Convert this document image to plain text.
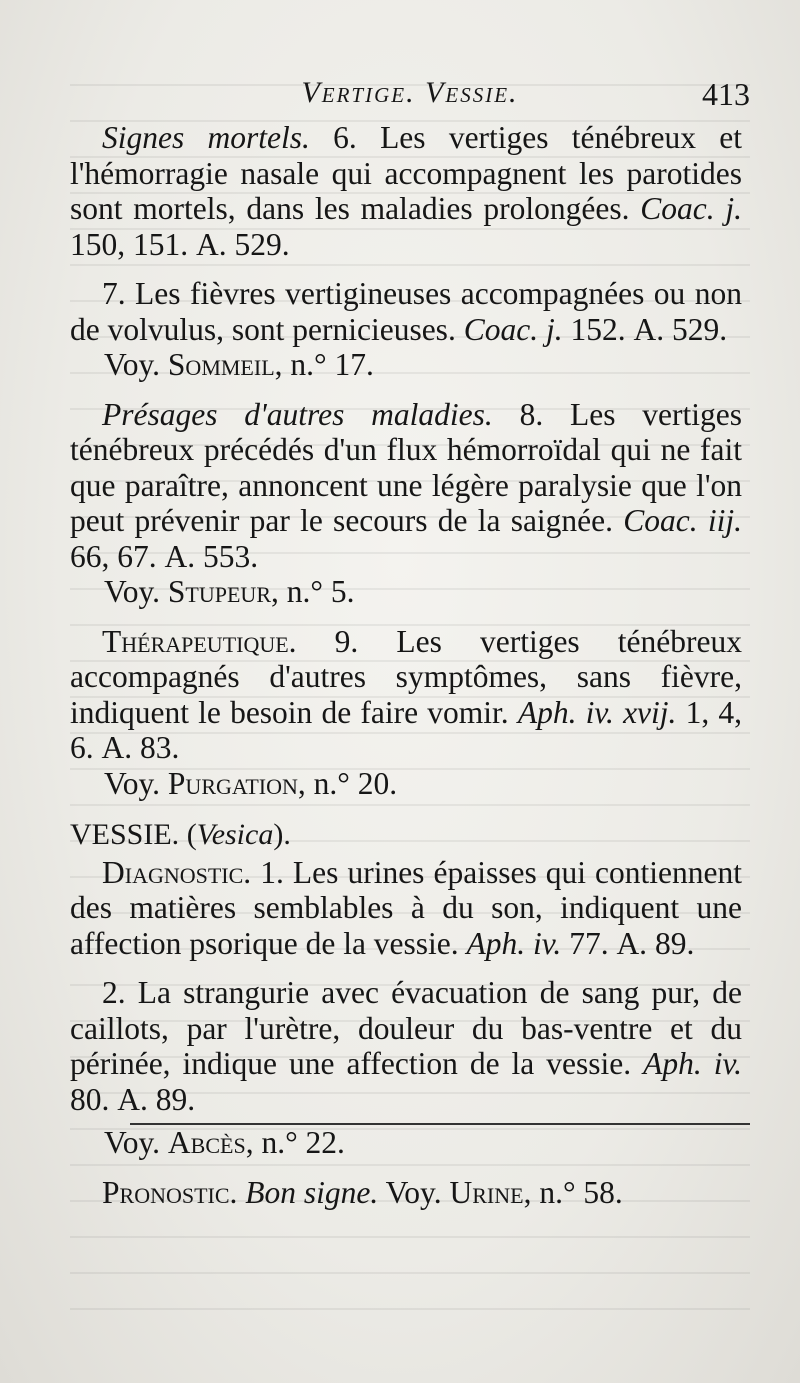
Vertige. Vessie.	413

Signes mortels. 6. Les vertiges ténébreux et l'hémorragie nasale qui accompagnent les parotides sont mortels, dans les maladies prolongées. Coac. j. 150, 151. A. 529.

7. Les fièvres vertigineuses accompagnées ou non de volvulus, sont pernicieuses. Coac. j. 152. A. 529.

Voy. Sommeil, n.° 17.

Présages d'autres maladies. 8. Les vertiges ténébreux précédés d'un flux hémorroïdal qui ne fait que paraître, annoncent une légère paralysie que l'on peut prévenir par le secours de la saignée. Coac. iij. 66, 67. A. 553.

Voy. Stupeur, n.° 5.

Thérapeutique. 9. Les vertiges ténébreux accompagnés d'autres symptômes, sans fièvre, indiquent le besoin de faire vomir. Aph. iv. xvij. 1, 4, 6. A. 83.

Voy. Purgation, n.° 20.

VESSIE. (Vesica).

Diagnostic. 1. Les urines épaisses qui contiennent des matières semblables à du son, indiquent une affection psorique de la vessie. Aph. iv. 77. A. 89.

2. La strangurie avec évacuation de sang pur, de caillots, par l'urètre, douleur du bas-ventre et du périnée, indique une affection de la vessie. Aph. iv. 80. A. 89.

Voy. Abcès, n.° 22.

Pronostic. Bon signe. Voy. Urine, n.° 58.
